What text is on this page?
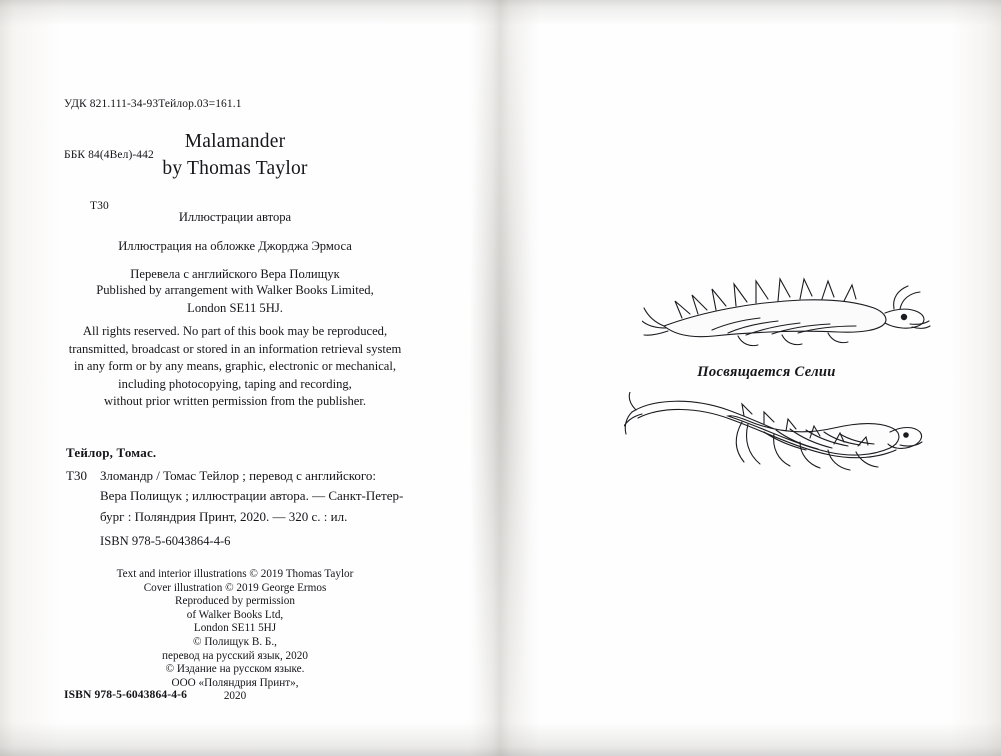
УДК 821.111-34-93Тейлор.03=161.1

ББК 84(4Вел)-442

Т30

Malamander
by Thomas Taylor
Иллюстрации автора
Иллюстрация на обложке Джорджа Эрмоса
Перевела с английского Вера Полищук
Published by arrangement with Walker Books Limited,
London SE11 5HJ.
All rights reserved. No part of this book may be reproduced,
transmitted, broadcast or stored in an information retrieval system
in any form or by any means, graphic, electronic or mechanical,
including photocopying, taping and recording,
without prior written permission from the publisher.
Тейлор, Томас.
Т30 Зломандр / Томас Тейлор ; перевод с английского:
Вера Полищук ; иллюстрации автора. — Санкт-Петер-
бург : Поляндрия Принт, 2020. — 320 с. : ил.
ISBN 978-5-6043864-4-6
Text and interior illustrations © 2019 Thomas Taylor
Cover illustration © 2019 George Ermos
Reproduced by permission
of Walker Books Ltd,
London SE11 5HJ
© Полищук В. Б.,
перевод на русский язык, 2020
© Издание на русском языке.
ООО «Поляндрия Принт»,
2020
ISBN 978-5-6043864-4-6
Посвящается Селии
